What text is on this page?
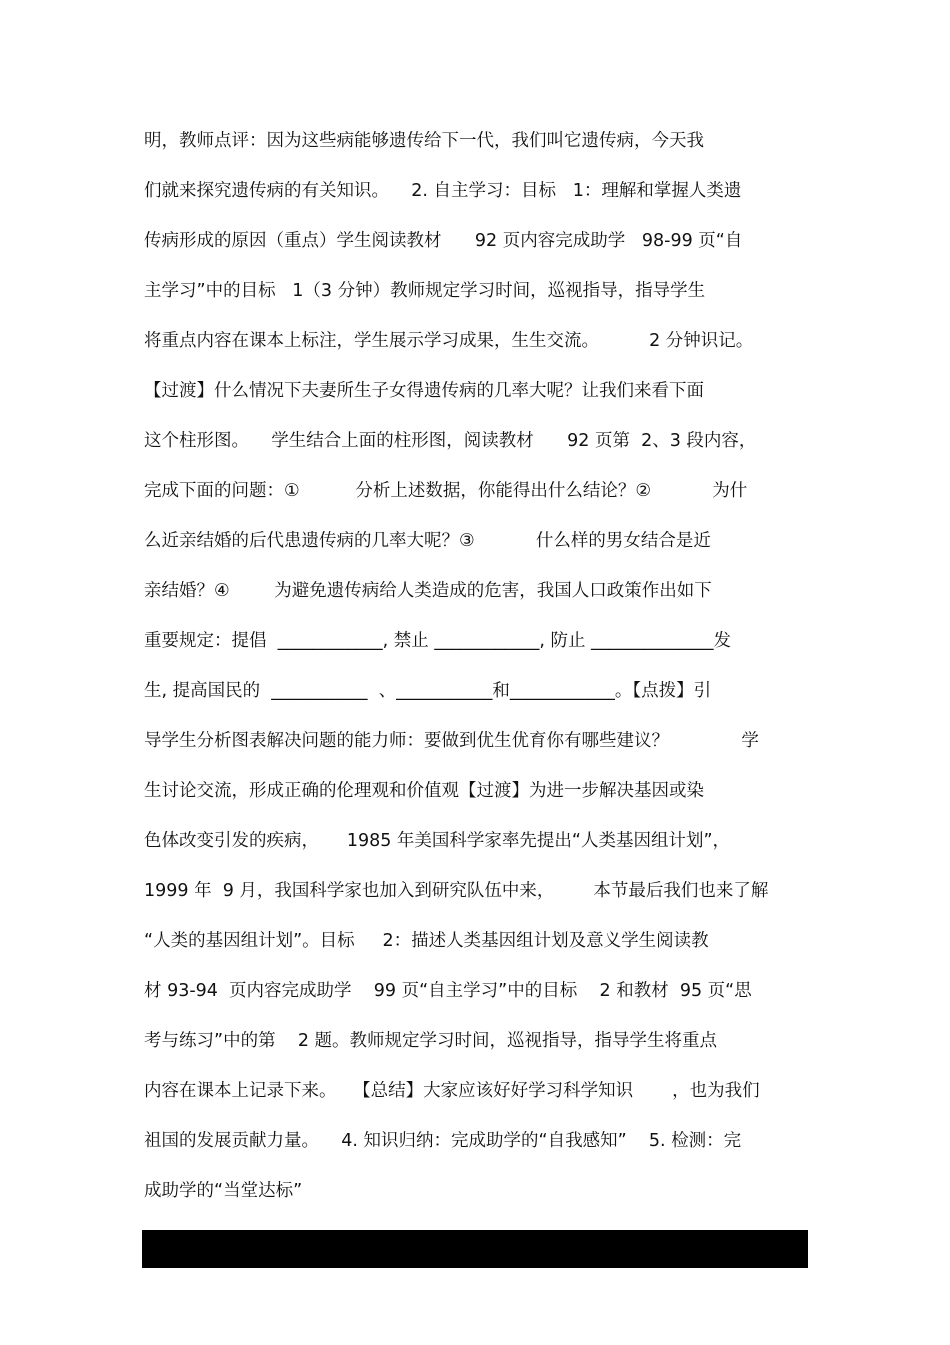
明，教师点评：因为这些病能够遗传给下一代，我们叫它遗传病，今天我
们就来探究遗传病的有关知识。    2. 自主学习：目标   1：理解和掌握人类遗
传病形成的原因（重点）学生阅读教材      92 页内容完成助学   98-99 页“自
主学习”中的目标   1（3 分钟）教师规定学习时间，巡视指导，指导学生
将重点内容在课本上标注，学生展示学习成果，生生交流。         2 分钟识记。
【过渡】什么情况下夫妻所生子女得遗传病的几率大呢？让我们来看下面
这个柱形图。    学生结合上面的柱形图，阅读教材      92 页第  2、3 段内容，
完成下面的问题：①          分析上述数据，你能得出什么结论？②           为什
么近亲结婚的后代患遗传病的几率大呢？③           什么样的男女结合是近
亲结婚？④        为避免遗传病给人类造成的危害，我国人口政策作出如下
重要规定：提倡  ____________, 禁止 ____________, 防止 ______________发
生, 提高国民的  ___________  、___________和____________。【点拨】引
导学生分析图表解决问题的能力师：要做到优生优育你有哪些建议？             学
生讨论交流，形成正确的伦理观和价值观【过渡】为进一步解决基因或染
色体改变引发的疾病，     1985 年美国科学家率先提出“人类基因组计划”，
1999 年  9 月，我国科学家也加入到研究队伍中来，       本节最后我们也来了解
“人类的基因组计划”。目标     2：描述人类基因组计划及意义学生阅读教
材 93-94  页内容完成助学    99 页“自主学习”中的目标    2 和教材  95 页“思
考与练习”中的第    2 题。教师规定学习时间，巡视指导，指导学生将重点
内容在课本上记录下来。   【总结】大家应该好好学习科学知识       ，也为我们
祖国的发展贡献力量。    4. 知识归纳：完成助学的“自我感知”    5. 检测：完
成助学的“当堂达标”
